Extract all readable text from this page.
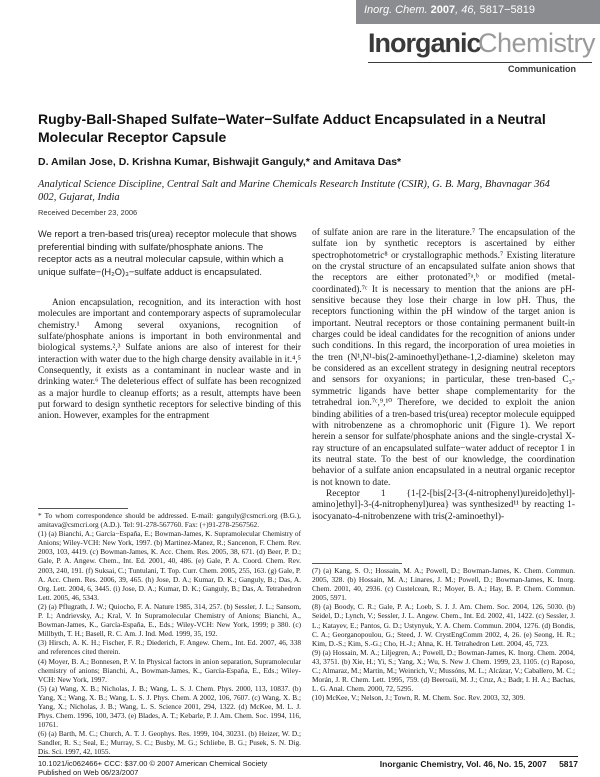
Inorg. Chem. 2007, 46, 5817−5819
Inorganic
Chemistry
Communication
Rugby-Ball-Shaped Sulfate−Water−Sulfate Adduct Encapsulated in a Neutral Molecular Receptor Capsule

D. Amilan Jose, D. Krishna Kumar, Bishwajit Ganguly,* and Amitava Das*

Analytical Science Discipline, Central Salt and Marine Chemicals Research Institute (CSIR), G. B. Marg, Bhavnagar 364 002, Gujarat, India

Received December 23, 2006

We report a tren-based tris(urea) receptor molecule that shows preferential binding with sulfate/phosphate anions. The receptor acts as a neutral molecular capsule, within which a unique sulfate−(H₂O)₃−sulfate adduct is encapsulated.

Anion encapsulation, recognition, and its interaction with host molecules are important and contemporary aspects of supramolecular chemistry.¹ Among several oxyanions, recognition of sulfate/phosphate anions is important in both environmental and biological systems.²,³ Sulfate anions are also of interest for their interaction with water due to the high charge density available in it.⁴,⁵ Consequently, it exists as a contaminant in nuclear waste and in drinking water.⁶ The deleterious effect of sulfate has been recognized as a major hurdle to cleanup efforts; as a result, attempts have been put forward to design synthetic receptors for selective binding of this anion. However, examples for the entrapment

of sulfate anion are rare in the literature.⁷ The encapsulation of the sulfate ion by synthetic receptors is ascertained by either spectrophotometric⁸ or crystallographic methods.⁷ Existing literature on the crystal structure of an encapsulated sulfate anion shows that the receptors are either protonated⁷ᵃ,ᵇ or modified (metal-coordinated).⁷ᶜ It is necessary to mention that the anions are pH-sensitive because they lose their charge in low pH. Thus, the receptors functioning within the pH window of the target anion is important. Neutral receptors or those containing permanent built-in charges could be ideal candidates for the recognition of anions under such conditions. In this regard, the incorporation of urea moieties in the tren (N¹,N¹-bis(2-aminoethyl)ethane-1,2-diamine) skeleton may be considered as an excellent strategy in designing neutral receptors and sensors for oxyanions; in particular, these tren-based C₃-symmetric ligands have better shape complementarity for the tetrahedral ion.⁷ᶜ,⁹,¹⁰ Therefore, we decided to exploit the anion binding abilities of a tren-based tris(urea) receptor molecule equipped with nitrobenzene as a chromophoric unit (Figure 1). We report herein a sensor for sulfate/phosphate anions and the single-crystal X-ray structure of an encapsulated sulfate−water adduct of receptor 1 in its neutral state. To the best of our knowledge, the coordination behavior of a sulfate anion encapsulated in a neutral organic receptor is not known to date.
Receptor 1 {1-[2-[bis[2-[3-(4-nitrophenyl)ureido]ethyl]-amino]ethyl]-3-(4-nitrophenyl)urea} was synthesized¹¹ by reacting 1-isocyanato-4-nitrobenzene with tris(2-aminoethyl)-

* To whom correspondence should be addressed. E-mail: ganguly@csmcri.org (B.G.), amitava@csmcri.org (A.D.). Tel: 91-278-567760. Fax: (+)91-278-2567562.

(1) (a) Bianchi, A.; García−España, E.; Bowman-James, K. Supramolecular Chemistry of Anions; Wiley-VCH: New York, 1997. (b) Martinez-Manez, R.; Sancenon, F. Chem. Rev. 2003, 103, 4419. (c) Bowman-James, K. Acc. Chem. Res. 2005, 38, 671. (d) Beer, P. D.; Gale, P. A. Angew. Chem., Int. Ed. 2001, 40, 486. (e) Gale, P. A. Coord. Chem. Rev. 2003, 240, 191. (f) Suksai, C.; Tuntulani, T. Top. Curr. Chem. 2005, 255, 163. (g) Gale, P. A. Acc. Chem. Res. 2006, 39, 465. (h) Jose, D. A.; Kumar, D. K.; Ganguly, B.; Das, A. Org. Lett. 2004, 6, 3445. (i) Jose, D. A.; Kumar, D. K.; Ganguly, B.; Das, A. Tetrahedron Lett. 2005, 46, 5343.

(2) (a) Pflugrath, J. W.; Quiocho, F. A. Nature 1985, 314, 257. (b) Sessler, J. L.; Sansom, P. I.; Andrievsky, A.; Kral, V. In Supramolecular Chemistry of Anions; Bianchi, A., Bowman-James, K., García-España, E., Eds.; Wiley-VCH: New York, 1999; p 380. (c) Millbyth, T. H.; Basell, R. C. Am. J. Ind. Med. 1999, 35, 192.

(3) Hirsch, A. K. H.; Fischer, F. R.; Diederich, F. Angew. Chem., Int. Ed. 2007, 46, 338 and references cited therein.

(4) Moyer, B. A.; Bonnesen, P. V. In Physical factors in anion separation, Supramolecular chemistry of anions; Bianchi, A., Bowman-James, K., García-España, E., Eds.; Wiley-VCH: New York, 1997.

(5) (a) Wang, X. B.; Nicholas, J. B.; Wang, L. S. J. Chem. Phys. 2000, 113, 10837. (b) Yang, X.; Wang, X. B.; Wang, L. S. J. Phys. Chem. A 2002, 106, 7607. (c) Wang, X. B.; Yang, X.; Nicholas, J. B.; Wang, L. S. Science 2001, 294, 1322. (d) McKee, M. L. J. Phys. Chem. 1996, 100, 3473. (e) Blades, A. T.; Kebarle, P. J. Am. Chem. Soc. 1994, 116, 10761.

(6) (a) Barth, M. C.; Church, A. T. J. Geophys. Res. 1999, 104, 30231. (b) Heizer, W. D.; Sandler, R. S.; Seal, E.; Murray, S. C.; Busby, M. G.; Schliebe, B. G.; Pusek, S. N. Dig. Dis. Sci. 1997, 42, 1055.

(7) (a) Kang, S. O.; Hossain, M. A.; Powell, D.; Bowman-James, K. Chem. Commun. 2005, 328. (b) Hossain, M. A.; Linares, J. M.; Powell, D.; Bowman-James, K. Inorg. Chem. 2001, 40, 2936. (c) Custelcean, R.; Moyer, B. A.; Hay, B. P. Chem. Commun. 2005, 5971.

(8) (a) Boody, C. R.; Gale, P. A.; Loeb, S. J. J. Am. Chem. Soc. 2004, 126, 5030. (b) Seidel, D.; Lynch, V.; Sessler, J. L. Angew. Chem., Int. Ed. 2002, 41, 1422. (c) Sessler, J. L.; Katayev, E.; Pantos, G. D.; Ustynyuk, Y. A. Chem. Commun. 2004, 1276. (d) Bondis, C. A.; Georganopoulou, G.; Steed, J. W. CrystEngComm 2002, 4, 26. (e) Seong, H. R.; Kim, D.-S.; Kim, S.-G.; Cho, H.-J.; Ahna, K. H. Tetrahedron Lett. 2004, 45, 723.

(9) (a) Hossain, M. A.; Liljegren, A.; Powell, D.; Bowman-James, K. Inorg. Chem. 2004, 43, 3751. (b) Xie, H.; Yi, S.; Yang, X.; Wu, S. New J. Chem. 1999, 23, 1105. (c) Raposo, C.; Almaraz, M.; Martin, M.; Weinrich, V.; Mussóns, M. L.; Alcázar, V.; Caballero, M. C.; Morán, J. R. Chem. Lett. 1995, 759. (d) Beeroaii, M. J.; Cruz, A.; Badr, I. H. A.; Bachas, L. G. Anal. Chem. 2000, 72, 5295.

(10) McKee, V.; Nelson, J.; Town, R. M. Chem. Soc. Rev. 2003, 32, 309.

10.1021/ic062466+ CCC: $37.00 © 2007 American Chemical Society
Published on Web 06/23/2007
Inorganic Chemistry, Vol. 46, No. 15, 2007 5817
